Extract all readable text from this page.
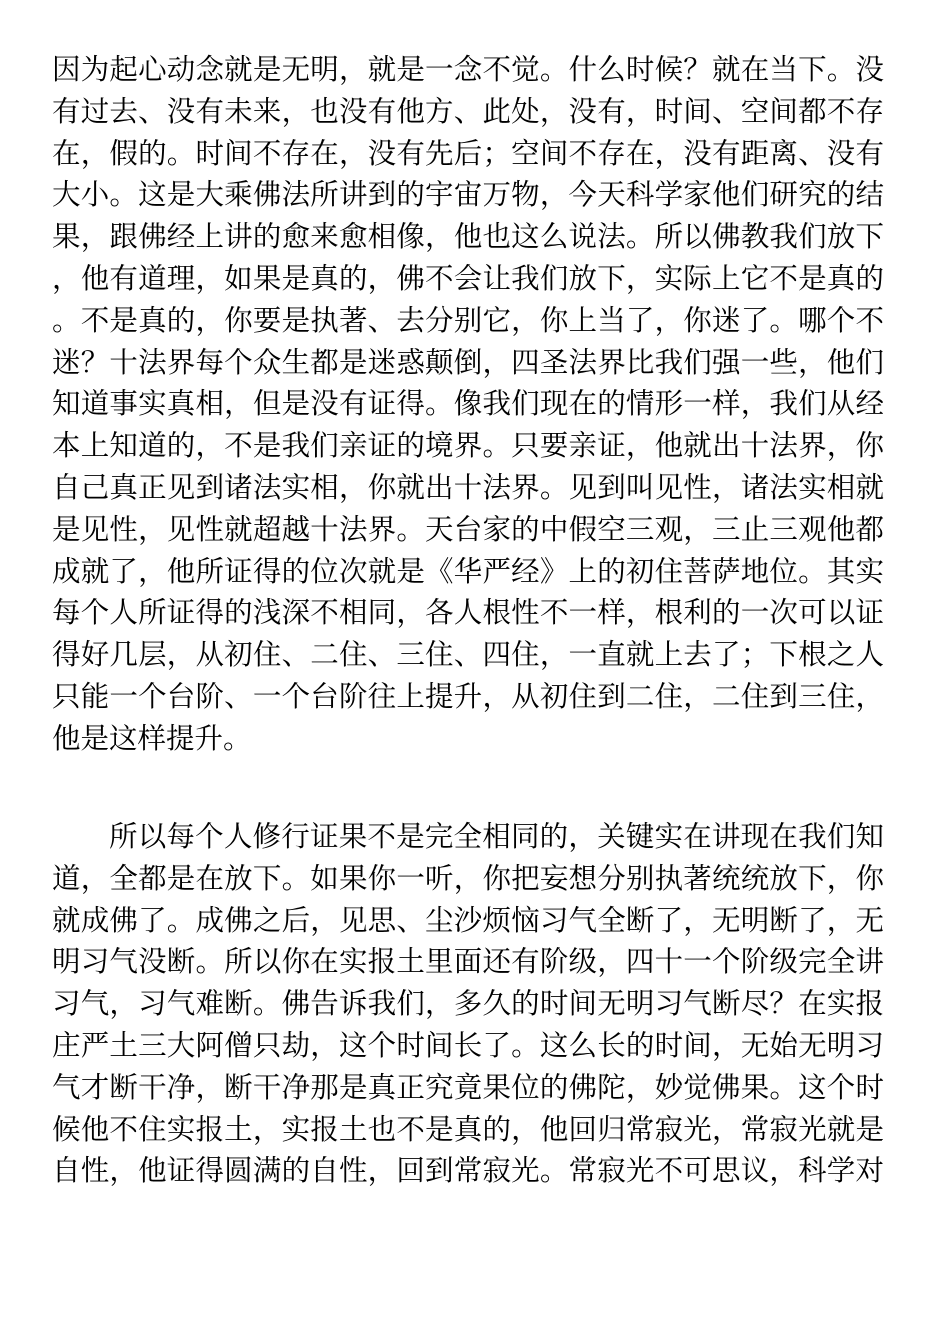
因为起心动念就是无明，就是一念不觉。什么时候？就在当下。没
有过去、没有未来，也没有他方、此处，没有，时间、空间都不存
在，假的。时间不存在，没有先后；空间不存在，没有距离、没有
大小。这是大乘佛法所讲到的宇宙万物，今天科学家他们研究的结
果，跟佛经上讲的愈来愈相像，他也这么说法。所以佛教我们放下
，他有道理，如果是真的，佛不会让我们放下，实际上它不是真的
。不是真的，你要是执著、去分别它，你上当了，你迷了。哪个不
迷？十法界每个众生都是迷惑颠倒，四圣法界比我们强一些，他们
知道事实真相，但是没有证得。像我们现在的情形一样，我们从经
本上知道的，不是我们亲证的境界。只要亲证，他就出十法界，你
自己真正见到诸法实相，你就出十法界。见到叫见性，诸法实相就
是见性，见性就超越十法界。天台家的中假空三观，三止三观他都
成就了，他所证得的位次就是《华严经》上的初住菩萨地位。其实
每个人所证得的浅深不相同，各人根性不一样，根利的一次可以证
得好几层，从初住、二住、三住、四住，一直就上去了；下根之人
只能一个台阶、一个台阶往上提升，从初住到二住，二住到三住，
他是这样提升。
所以每个人修行证果不是完全相同的，关键实在讲现在我们知
道，全都是在放下。如果你一听，你把妄想分别执著统统放下，你
就成佛了。成佛之后，见思、尘沙烦恼习气全断了，无明断了，无
明习气没断。所以你在实报土里面还有阶级，四十一个阶级完全讲
习气，习气难断。佛告诉我们，多久的时间无明习气断尽？在实报
庄严土三大阿僧只劫，这个时间长了。这么长的时间，无始无明习
气才断干净，断干净那是真正究竟果位的佛陀，妙觉佛果。这个时
候他不住实报土，实报土也不是真的，他回归常寂光，常寂光就是
自性，他证得圆满的自性，回到常寂光。常寂光不可思议，科学对
